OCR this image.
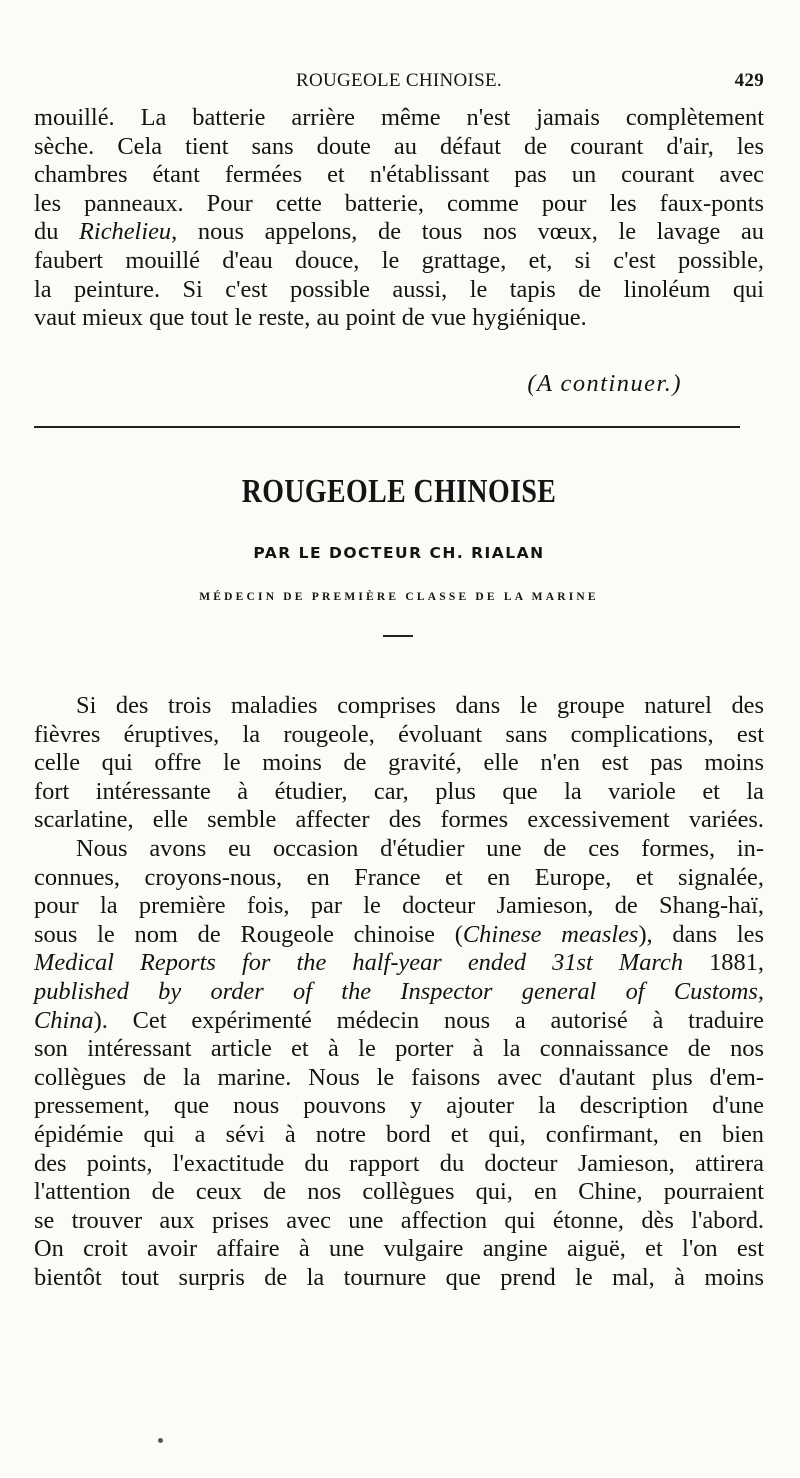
ROUGEOLE CHINOISE.	429
mouillé. La batterie arrière même n'est jamais complètement
sèche. Cela tient sans doute au défaut de courant d'air, les
chambres étant fermées et n'établissant pas un courant avec
les panneaux. Pour cette batterie, comme pour les faux-ponts
du Richelieu, nous appelons, de tous nos vœux, le lavage au
faubert mouillé d'eau douce, le grattage, et, si c'est possible,
la peinture. Si c'est possible aussi, le tapis de linoléum qui
vaut mieux que tout le reste, au point de vue hygiénique.
(A continuer.)
ROUGEOLE CHINOISE
PAR LE DOCTEUR CH. RIALAN
MÉDECIN DE PREMIÈRE CLASSE DE LA MARINE
Si des trois maladies comprises dans le groupe naturel des
fièvres éruptives, la rougeole, évoluant sans complications, est
celle qui offre le moins de gravité, elle n'en est pas moins
fort intéressante à étudier, car, plus que la variole et la
scarlatine, elle semble affecter des formes excessivement variées.
Nous avons eu occasion d'étudier une de ces formes, in-
connues, croyons-nous, en France et en Europe, et signalée,
pour la première fois, par le docteur Jamieson, de Shang-haï,
sous le nom de Rougeole chinoise (Chinese measles), dans les
Medical Reports for the half-year ended 31st March 1881,
published by order of the Inspector general of Customs,
China). Cet expérimenté médecin nous a autorisé à traduire
son intéressant article et à le porter à la connaissance de nos
collègues de la marine. Nous le faisons avec d'autant plus d'em-
pressement, que nous pouvons y ajouter la description d'une
épidémie qui a sévi à notre bord et qui, confirmant, en bien
des points, l'exactitude du rapport du docteur Jamieson, attirera
l'attention de ceux de nos collègues qui, en Chine, pourraient
se trouver aux prises avec une affection qui étonne, dès l'abord.
On croit avoir affaire à une vulgaire angine aiguë, et l'on est
bientôt tout surpris de la tournure que prend le mal, à moins
